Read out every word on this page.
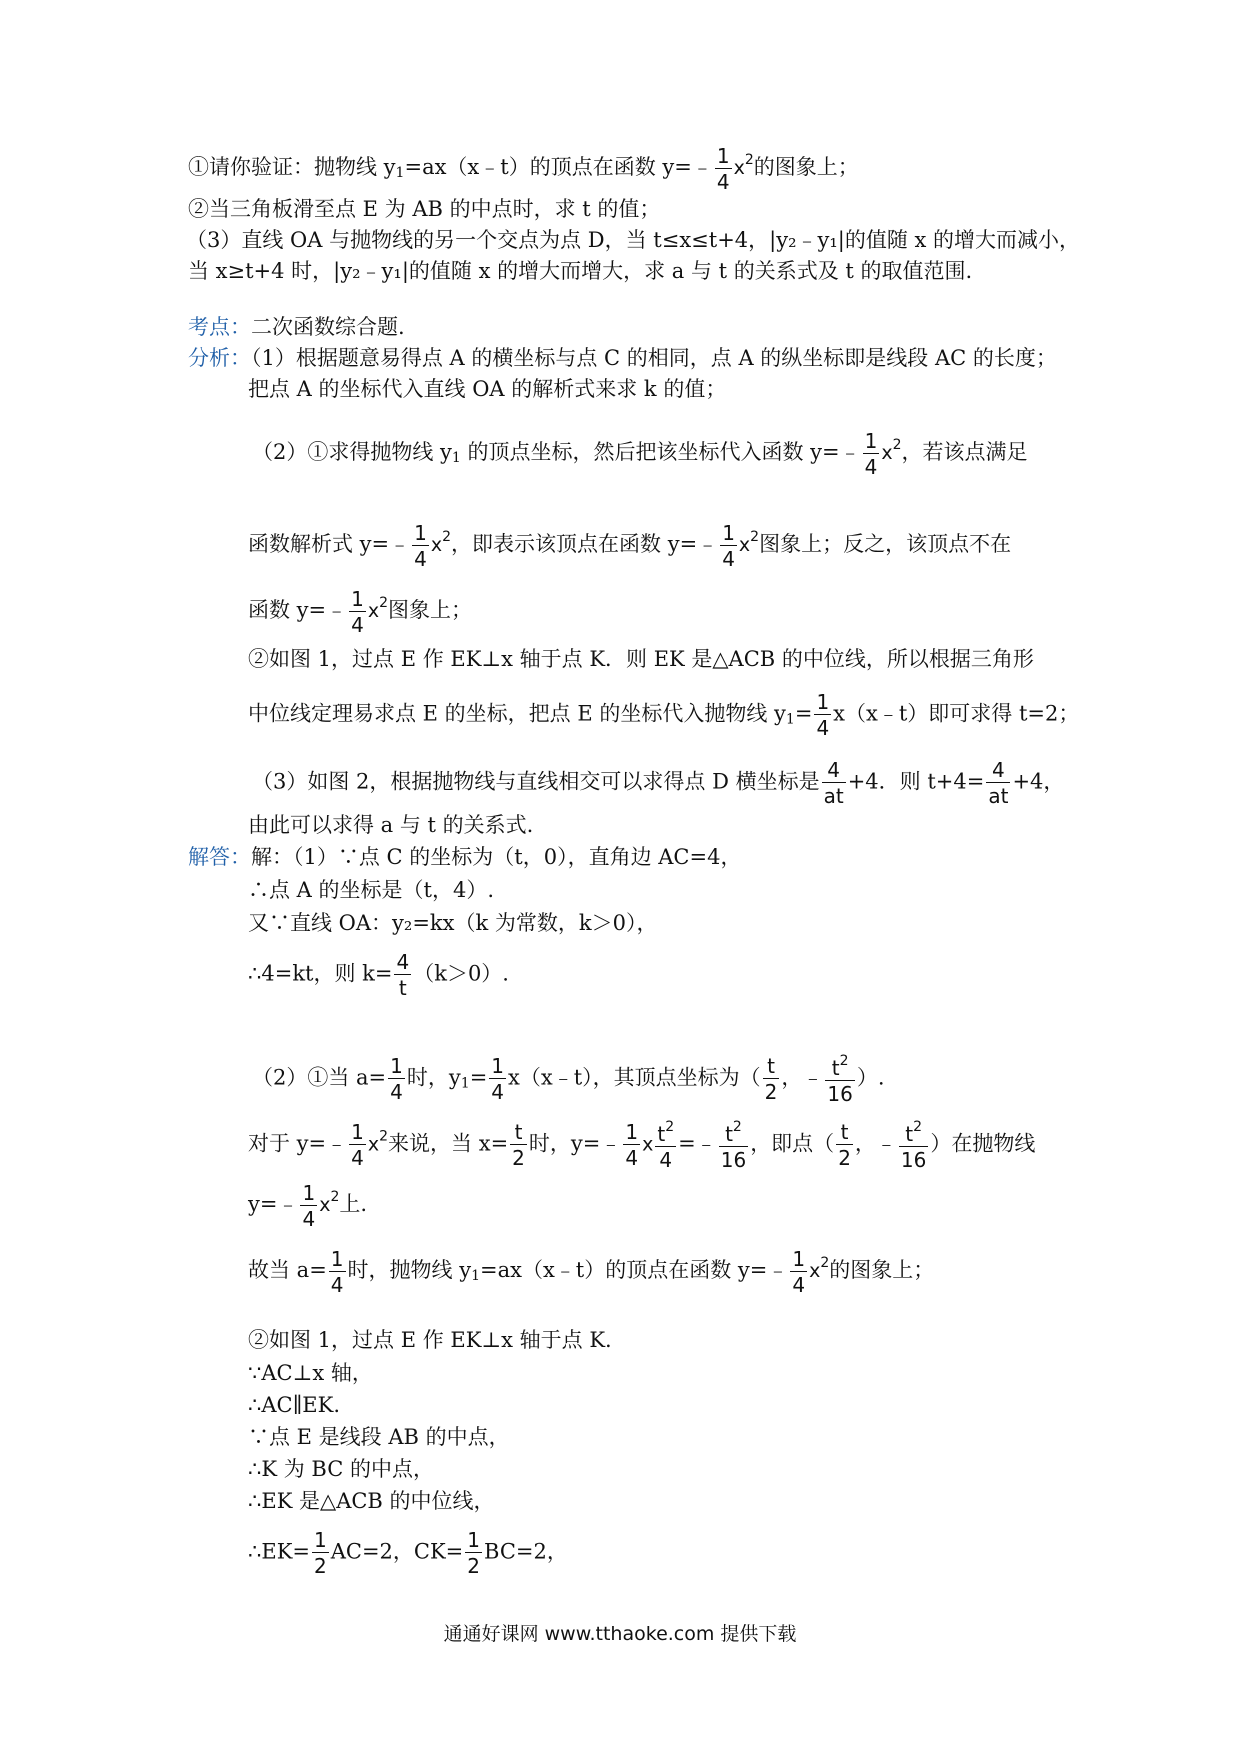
①请你验证：抛物线 $y_1=ax(x﹣t)$的顶点在函数 y=﹣ $\frac{1}{4} x^2$的图象上；
②当三角板滑至点 E 为 AB 的中点时，求 t 的值；
（3）直线 OA 与抛物线的另一个交点为点 D，当 t≤x≤t+4，|y₂﹣y₁|的值随 x 的增大而减小，
当 x≥t+4 时，|y₂﹣y₁|的值随 x 的增大而增大，求 a 与 t 的关系式及 t 的取值范围.
考点：二次函数综合题.
分析：（1）根据题意易得点 A 的横坐标与点 C 的相同，点 A 的纵坐标即是线段 AC 的长度；
把点 A 的坐标代入直线 OA 的解析式来求 k 的值；
（2）①求得抛物线 $y_1$ 的顶点坐标，然后把该坐标代入函数 y=﹣ $\frac{1}{4} x^2$，若该点满足
函数解析式 y=﹣ $\frac{1}{4} x^2$，即表示该顶点在函数 y=﹣ $\frac{1}{4} x^2$图象上；反之，该顶点不在
函数 y=﹣ $\frac{1}{4} x^2$图象上；
②如图 1，过点 E 作 EK⊥x 轴于点 K．则 EK 是△ACB 的中位线，所以根据三角形
中位线定理易求点 E 的坐标，把点 E 的坐标代入抛物线 $y_1= \frac{1}{4}$ x（x﹣t）即可求得 t=2；
（3）如图 2，根据抛物线与直线相交可以求得点 D 横坐标是 $\frac{4}{at} +4$．则 $t+4= \frac{4}{at} +4$，
由此可以求得 a 与 t 的关系式.
解答：解：（1）∵点 C 的坐标为（t，0），直角边 AC=4，
∴点 A 的坐标是（t，4）.
又∵直线 OA：y₂=kx（k 为常数，k＞0），
∴4=kt，则 $k= \frac{4}{t} (k>0)$.
（2）①当 $a= \frac{1}{4}$ 时，$y_1= \frac{1}{4}$ x（x﹣t），其顶点坐标为（ $\frac{t}{2}$ ，﹣ $\frac{t^2}{16}$ ）.
对于 y=﹣ $\frac{1}{4} x^2$来说，当 $x= \frac{t}{2}$ 时，y=﹣ $\frac{1}{4}$ x $\frac{t^2}{4}$ =﹣ $\frac{t^2}{16}$ ，即点（ $\frac{t}{2}$ ，﹣ $\frac{t^2}{16}$ ）在抛物线
y=﹣ $\frac{1}{4} x^2$上.
故当 $a= \frac{1}{4}$ 时，抛物线 $y_1=ax(x﹣t)$的顶点在函数 y=﹣ $\frac{1}{4} x^2$的图象上；
②如图 1，过点 E 作 EK⊥x 轴于点 K.
∵AC⊥x 轴，
∴AC∥EK.
∵点 E 是线段 AB 的中点，
∴K 为 BC 的中点，
∴EK 是△ACB 的中位线，
∴EK= $\frac{1}{2} AC=2$，$CK= \frac{1}{2} BC=2$，
通通好课网 www.tthaoke.com 提供下载
